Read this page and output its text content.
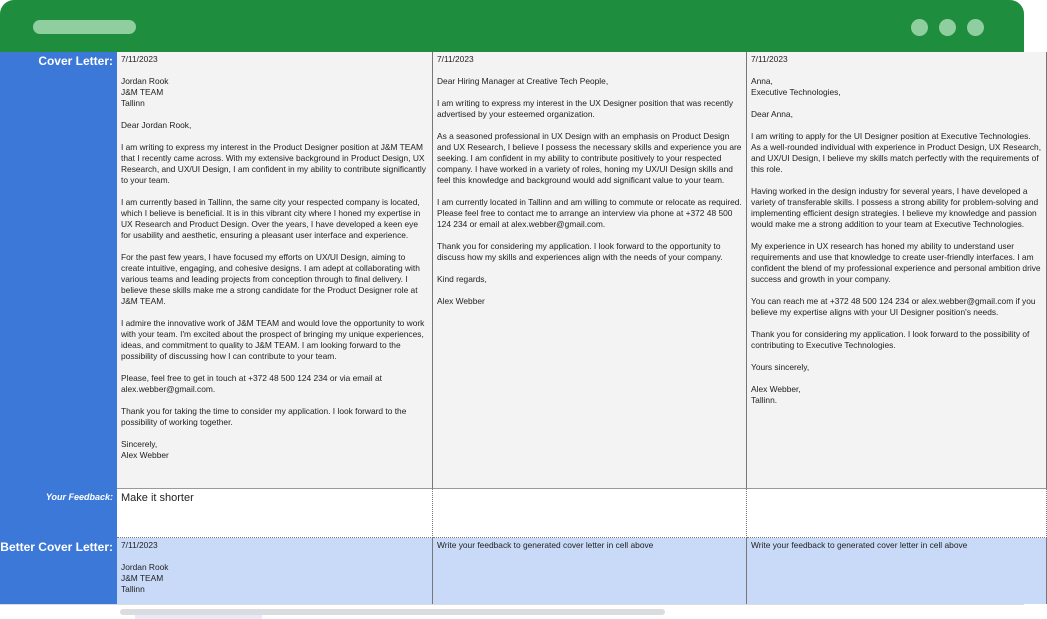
Cover Letter:
Your Feedback:
Better Cover Letter:
7/11/2023

Jordan Rook
J&M TEAM
Tallinn

Dear Jordan Rook,

I am writing to express my interest in the Product Designer position at J&M TEAM that I recently came across. With my extensive background in Product Design, UX Research, and UX/UI Design, I am confident in my ability to contribute significantly to your team.

I am currently based in Tallinn, the same city your respected company is located, which I believe is beneficial. It is in this vibrant city where I honed my expertise in UX Research and Product Design. Over the years, I have developed a keen eye for usability and aesthetic, ensuring a pleasant user interface and experience.

For the past few years, I have focused my efforts on UX/UI Design, aiming to create intuitive, engaging, and cohesive designs. I am adept at collaborating with various teams and leading projects from conception through to final delivery. I believe these skills make me a strong candidate for the Product Designer role at J&M TEAM.

I admire the innovative work of J&M TEAM and would love the opportunity to work with your team. I'm excited about the prospect of bringing my unique experiences, ideas, and commitment to quality to J&M TEAM. I am looking forward to the possibility of discussing how I can contribute to your team.

Please, feel free to get in touch at +372 48 500 124 234 or via email at alex.webber@gmail.com.

Thank you for taking the time to consider my application. I look forward to the possibility of working together.

Sincerely,
Alex Webber
7/11/2023

Dear Hiring Manager at Creative Tech People,

I am writing to express my interest in the UX Designer position that was recently advertised by your esteemed organization.

As a seasoned professional in UX Design with an emphasis on Product Design and UX Research, I believe I possess the necessary skills and experience you are seeking. I am confident in my ability to contribute positively to your respected company. I have worked in a variety of roles, honing my UX/UI Design skills and feel this knowledge and background would add significant value to your team.

I am currently located in Tallinn and am willing to commute or relocate as required. Please feel free to contact me to arrange an interview via phone at +372 48 500 124 234 or email at alex.webber@gmail.com.

Thank you for considering my application. I look forward to the opportunity to discuss how my skills and experiences align with the needs of your company.

Kind regards,

Alex Webber
7/11/2023

Anna,
Executive Technologies,

Dear Anna,

I am writing to apply for the UI Designer position at Executive Technologies. As a well-rounded individual with experience in Product Design, UX Research, and UX/UI Design, I believe my skills match perfectly with the requirements of this role.

Having worked in the design industry for several years, I have developed a variety of transferable skills. I possess a strong ability for problem-solving and implementing efficient design strategies. I believe my knowledge and passion would make me a strong addition to your team at Executive Technologies.

My experience in UX research has honed my ability to understand user requirements and use that knowledge to create user-friendly interfaces. I am confident the blend of my professional experience and personal ambition drive success and growth in your company.

You can reach me at +372 48 500 124 234 or alex.webber@gmail.com if you believe my expertise aligns with your UI Designer position's needs.

Thank you for considering my application. I look forward to the possibility of contributing to Executive Technologies.

Yours sincerely,

Alex Webber,
Tallinn.
Make it shorter
7/11/2023

Jordan Rook
J&M TEAM
Tallinn
Write your feedback to generated cover letter in cell above	Write your feedback to generated cover letter in cell above
